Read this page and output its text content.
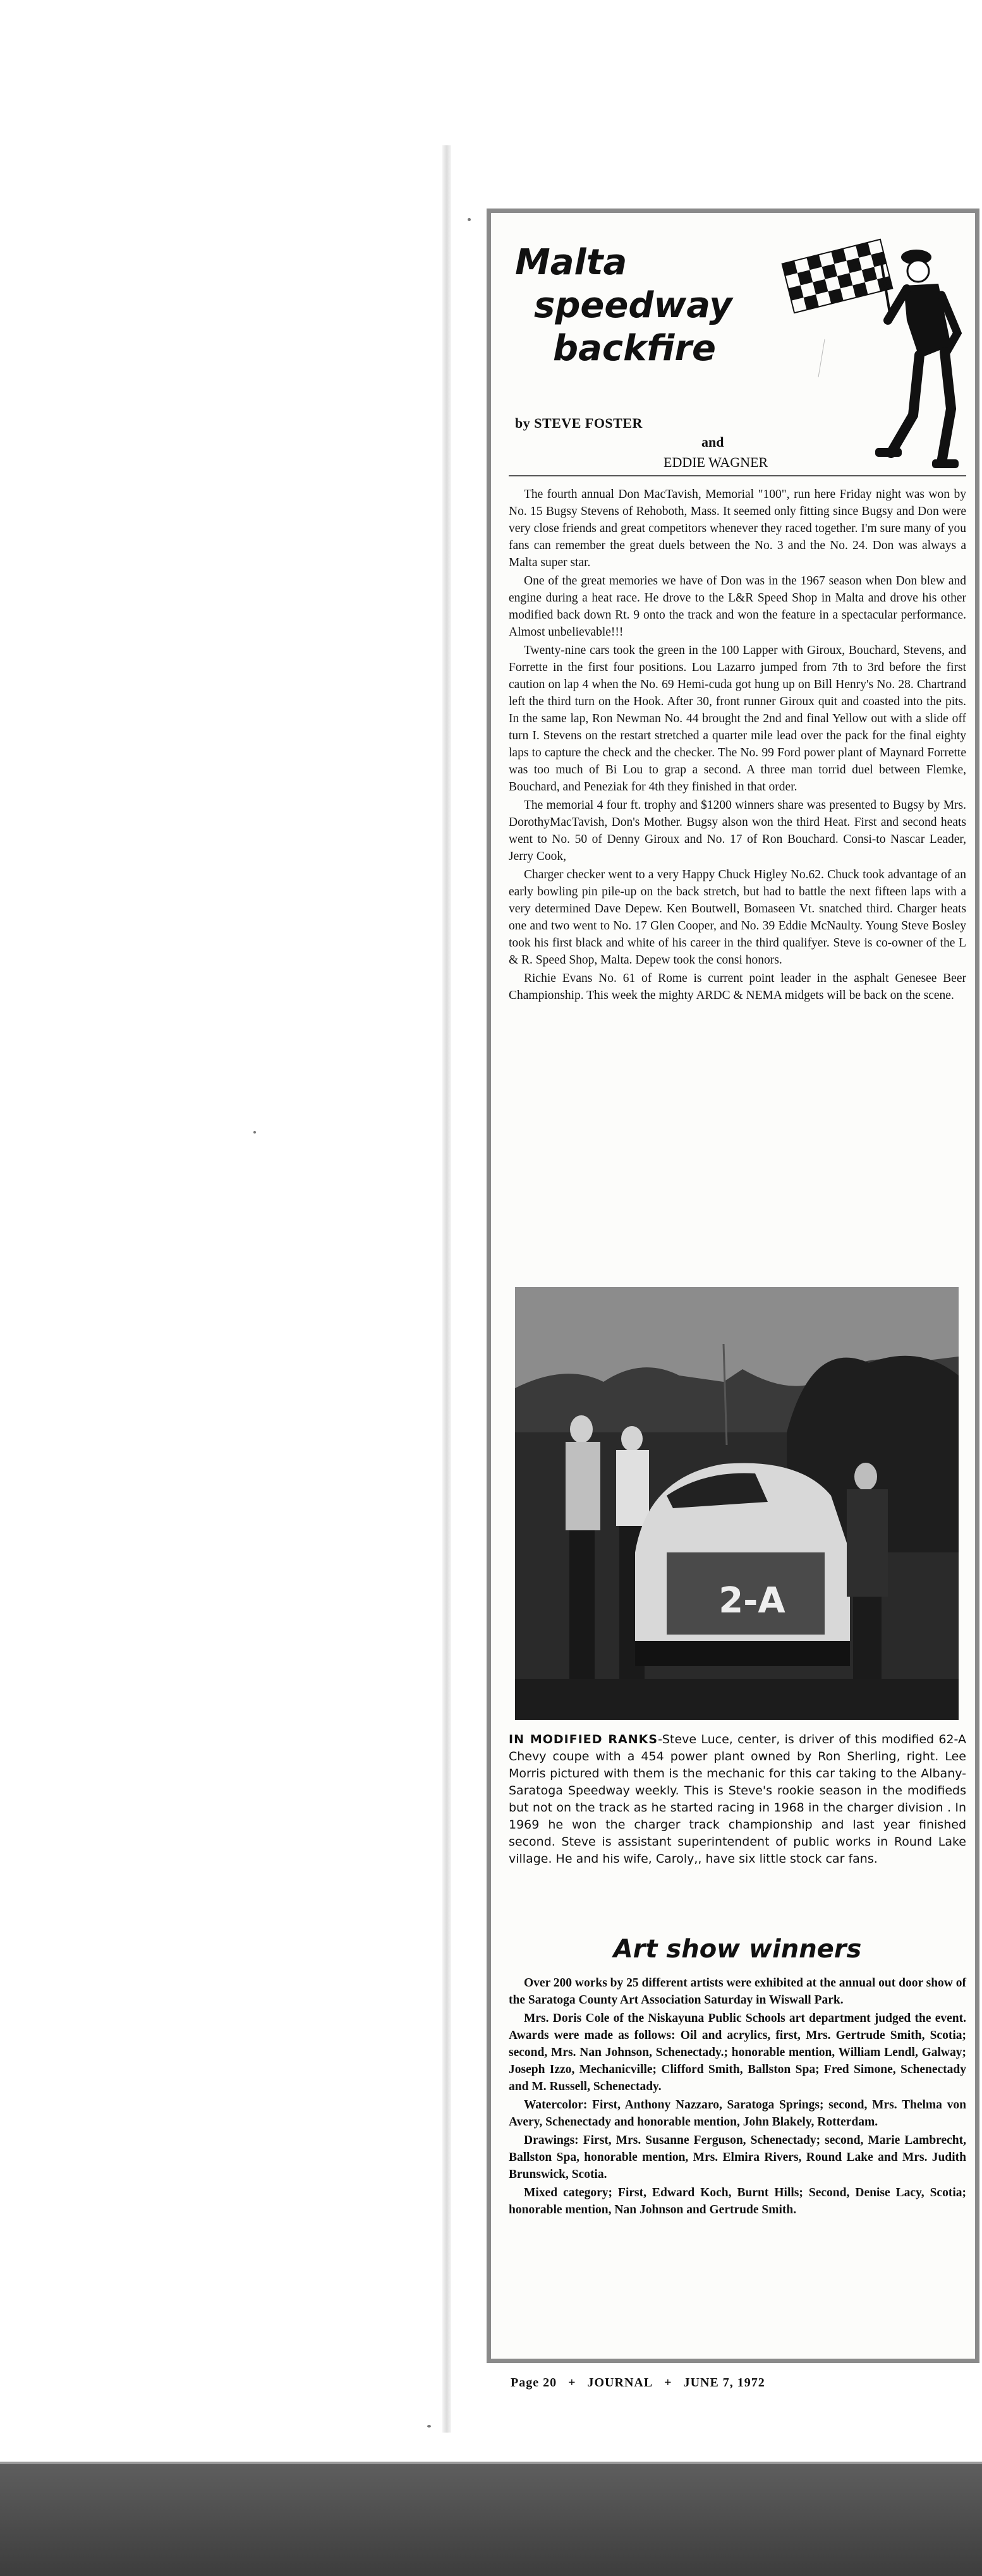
Malta
speedway
backfire
by STEVE FOSTER
and
EDDIE WAGNER

The fourth annual Don MacTavish, Memorial "100", run here Friday night was won by No. 15 Bugsy Stevens of Rehoboth, Mass. It seemed only fitting since Bugsy and Don were very close friends and great competitors whenever they raced together. I'm sure many of you fans can remember the great duels between the No. 3 and the No. 24. Don was always a Malta super star.

One of the great memories we have of Don was in the 1967 season when Don blew and engine during a heat race. He drove to the L&R Speed Shop in Malta and drove his other modified back down Rt. 9 onto the track and won the feature in a spectacular performance. Almost unbelievable!!!

Twenty-nine cars took the green in the 100 Lapper with Giroux, Bouchard, Stevens, and Forrette in the first four positions. Lou Lazarro jumped from 7th to 3rd before the first caution on lap 4 when the No. 69 Hemi-cuda got hung up on Bill Henry's No. 28. Chartrand left the third turn on the Hook. After 30, front runner Giroux quit and coasted into the pits. In the same lap, Ron Newman No. 44 brought the 2nd and final Yellow out with a slide off turn I. Stevens on the restart stretched a quarter mile lead over the pack for the final eighty laps to capture the check and the checker. The No. 99 Ford power plant of Maynard Forrette was too much of Bi Lou to grap a second. A three man torrid duel between Flemke, Bouchard, and Peneziak for 4th they finished in that order.

The memorial 4 four ft. trophy and $1200 winners share was presented to Bugsy by Mrs. DorothyMacTavish, Don's Mother. Bugsy alson won the third Heat. First and second heats went to No. 50 of Denny Giroux and No. 17 of Ron Bouchard. Consi-to Nascar Leader, Jerry Cook,

Charger checker went to a very Happy Chuck Higley No.62. Chuck took advantage of an early bowling pin pile-up on the back stretch, but had to battle the next fifteen laps with a very determined Dave Depew. Ken Boutwell, Bomaseen Vt. snatched third. Charger heats one and two went to No. 17 Glen Cooper, and No. 39 Eddie McNaulty. Young Steve Bosley took his first black and white of his career in the third qualifyer. Steve is co-owner of the L & R. Speed Shop, Malta. Depew took the consi honors.

Richie Evans No. 61 of Rome is current point leader in the asphalt Genesee Beer Championship. This week the mighty ARDC & NEMA midgets will be back on the scene.

2-A
IN MODIFIED RANKS-Steve Luce, center, is driver of this modified 62-A Chevy coupe with a 454 power plant owned by Ron Sherling, right. Lee Morris pictured with them is the mechanic for this car taking to the Albany-Saratoga Speedway weekly. This is Steve's rookie season in the modifieds but not on the track as he started racing in 1968 in the charger division . In 1969 he won the charger track championship and last year finished second. Steve is assistant superintendent of public works in Round Lake village. He and his wife, Caroly,, have six little stock car fans.
Art show winners

Over 200 works by 25 different artists were exhibited at the annual out door show of the Saratoga County Art Association Saturday in Wiswall Park.

Mrs. Doris Cole of the Niskayuna Public Schools art department judged the event. Awards were made as follows: Oil and acrylics, first, Mrs. Gertrude Smith, Scotia; second, Mrs. Nan Johnson, Schenectady.; honorable mention, William Lendl, Galway; Joseph Izzo, Mechanicville; Clifford Smith, Ballston Spa; Fred Simone, Schenectady and M. Russell, Schenectady.

Watercolor: First, Anthony Nazzaro, Saratoga Springs; second, Mrs. Thelma von Avery, Schenectady and honorable mention, John Blakely, Rotterdam.

Drawings: First, Mrs. Susanne Ferguson, Schenectady; second, Marie Lambrecht, Ballston Spa, honorable mention, Mrs. Elmira Rivers, Round Lake and Mrs. Judith Brunswick, Scotia.

Mixed category; First, Edward Koch, Burnt Hills; Second, Denise Lacy, Scotia; honorable mention, Nan Johnson and Gertrude Smith.

Page 20 + JOURNAL + JUNE 7, 1972
